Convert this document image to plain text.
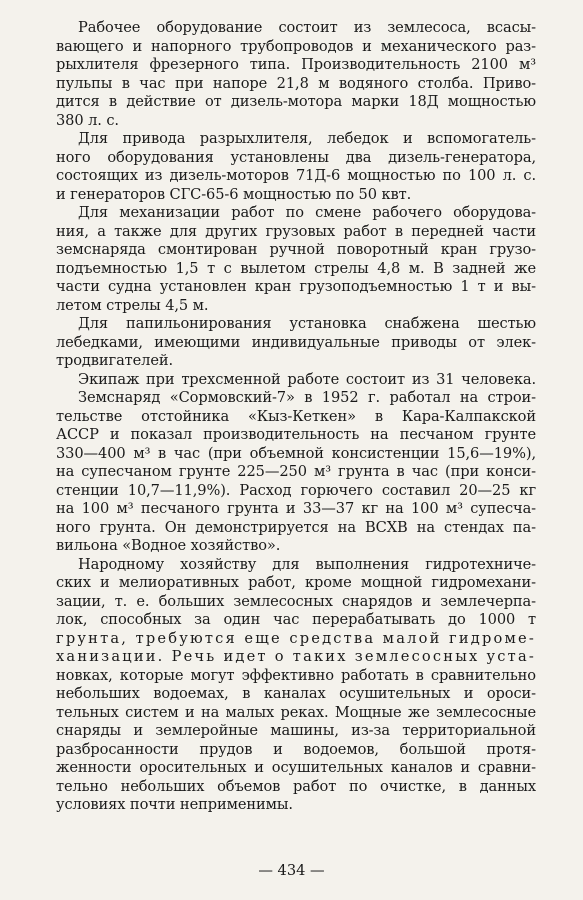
Рабочее оборудование состоит из землесоса, всасы-
вающего и напорного трубопроводов и механического раз-
рыхлителя фрезерного типа. Производительность 2100 м³
пульпы в час при напоре 21,8 м водяного столба. Приво-
дится в действие от дизель-мотора марки 18Д мощностью
380 л. с.
Для привода разрыхлителя, лебедок и вспомогатель-
ного оборудования установлены два дизель-генератора,
состоящих из дизель-моторов 71Д-6 мощностью по 100 л. с.
и генераторов СГС-65-6 мощностью по 50 квт.
Для механизации работ по смене рабочего оборудова-
ния, а также для других грузовых работ в передней части
земснаряда смонтирован ручной поворотный кран грузо-
подъемностью 1,5 т с вылетом стрелы 4,8 м. В задней же
части судна установлен кран грузоподъемностью 1 т и вы-
летом стрелы 4,5 м.
Для папильонирования установка снабжена шестью
лебедками, имеющими индивидуальные приводы от элек-
тродвигателей.
Экипаж при трехсменной работе состоит из 31 человека.
Земснаряд «Сормовский-7» в 1952 г. работал на строи-
тельстве отстойника «Кыз-Кеткен» в Кара-Калпакской
АССР и показал производительность на песчаном грунте
330—400 м³ в час (при объемной консистенции 15,6—19%),
на супесчаном грунте 225—250 м³ грунта в час (при конси-
стенции 10,7—11,9%). Расход горючего составил 20—25 кг
на 100 м³ песчаного грунта и 33—37 кг на 100 м³ супесча-
ного грунта. Он демонстрируется на ВСХВ на стендах па-
вильона «Водное хозяйство».
Народному хозяйству для выполнения гидротехниче-
ских и мелиоративных работ, кроме мощной гидромехани-
зации, т. е. больших землесосных снарядов и землечерпа-
лок, способных за один час перерабатывать до 1000 т
грунта, требуются еще средства малой гидроме-
ханизации. Речь идет о таких землесосных уста-
новках, которые могут эффективно работать в сравнительно
небольших водоемах, в каналах осушительных и ороси-
тельных систем и на малых реках. Мощные же землесосные
снаряды и землеройные машины, из-за территориальной
разбросанности прудов и водоемов, большой протя-
женности оросительных и осушительных каналов и сравни-
тельно небольших объемов работ по очистке, в данных
условиях почти неприменимы.
— 434 —
